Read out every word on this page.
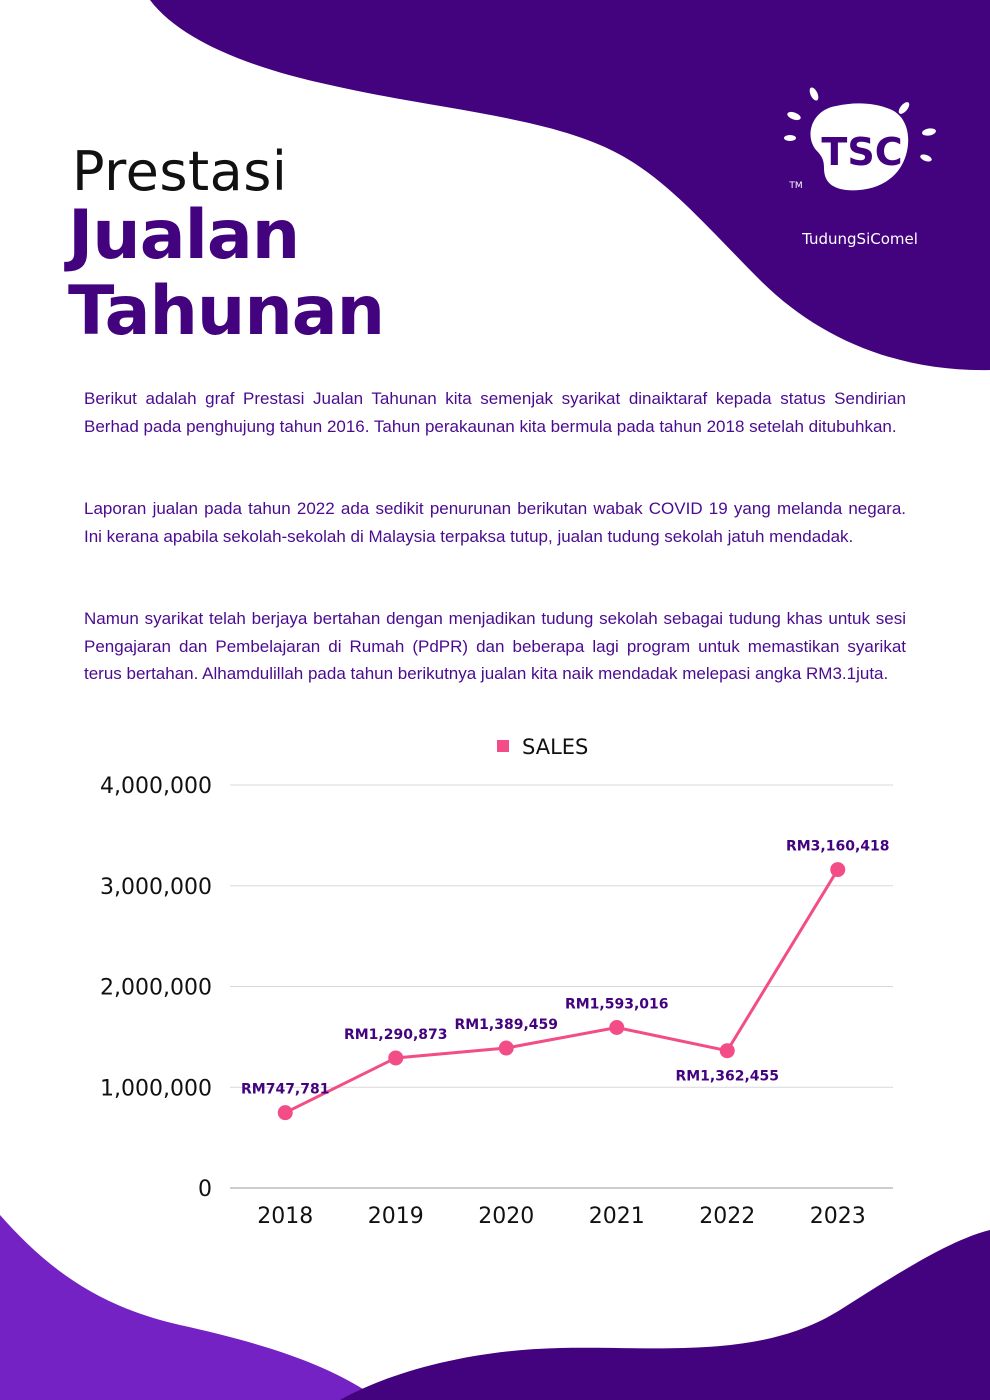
Prestasi
Jualan
Tahunan
TSC
TM
TudungSiComel

Berikut adalah graf Prestasi Jualan Tahunan kita semenjak syarikat dinaiktaraf kepada status Sendirian Berhad pada penghujung tahun 2016. Tahun perakaunan kita bermula pada tahun 2018 setelah ditubuhkan.

Laporan jualan pada tahun 2022 ada sedikit penurunan berikutan wabak COVID 19 yang melanda negara. Ini kerana apabila sekolah-sekolah di Malaysia terpaksa tutup, jualan tudung sekolah jatuh mendadak.

Namun syarikat telah berjaya bertahan dengan menjadikan tudung sekolah sebagai tudung khas untuk sesi Pengajaran dan Pembelajaran di Rumah (PdPR) dan beberapa lagi program untuk memastikan syarikat terus bertahan. Alhamdulillah pada tahun berikutnya jualan kita naik mendadak melepasi angka RM3.1juta.

0
1,000,000
2,000,000
3,000,000
4,000,000
2018 2019 2020 2021 2022 2023
RM747,781
RM1,290,873
RM1,389,459
RM1,593,016
RM1,362,455
RM3,160,418
SALES
